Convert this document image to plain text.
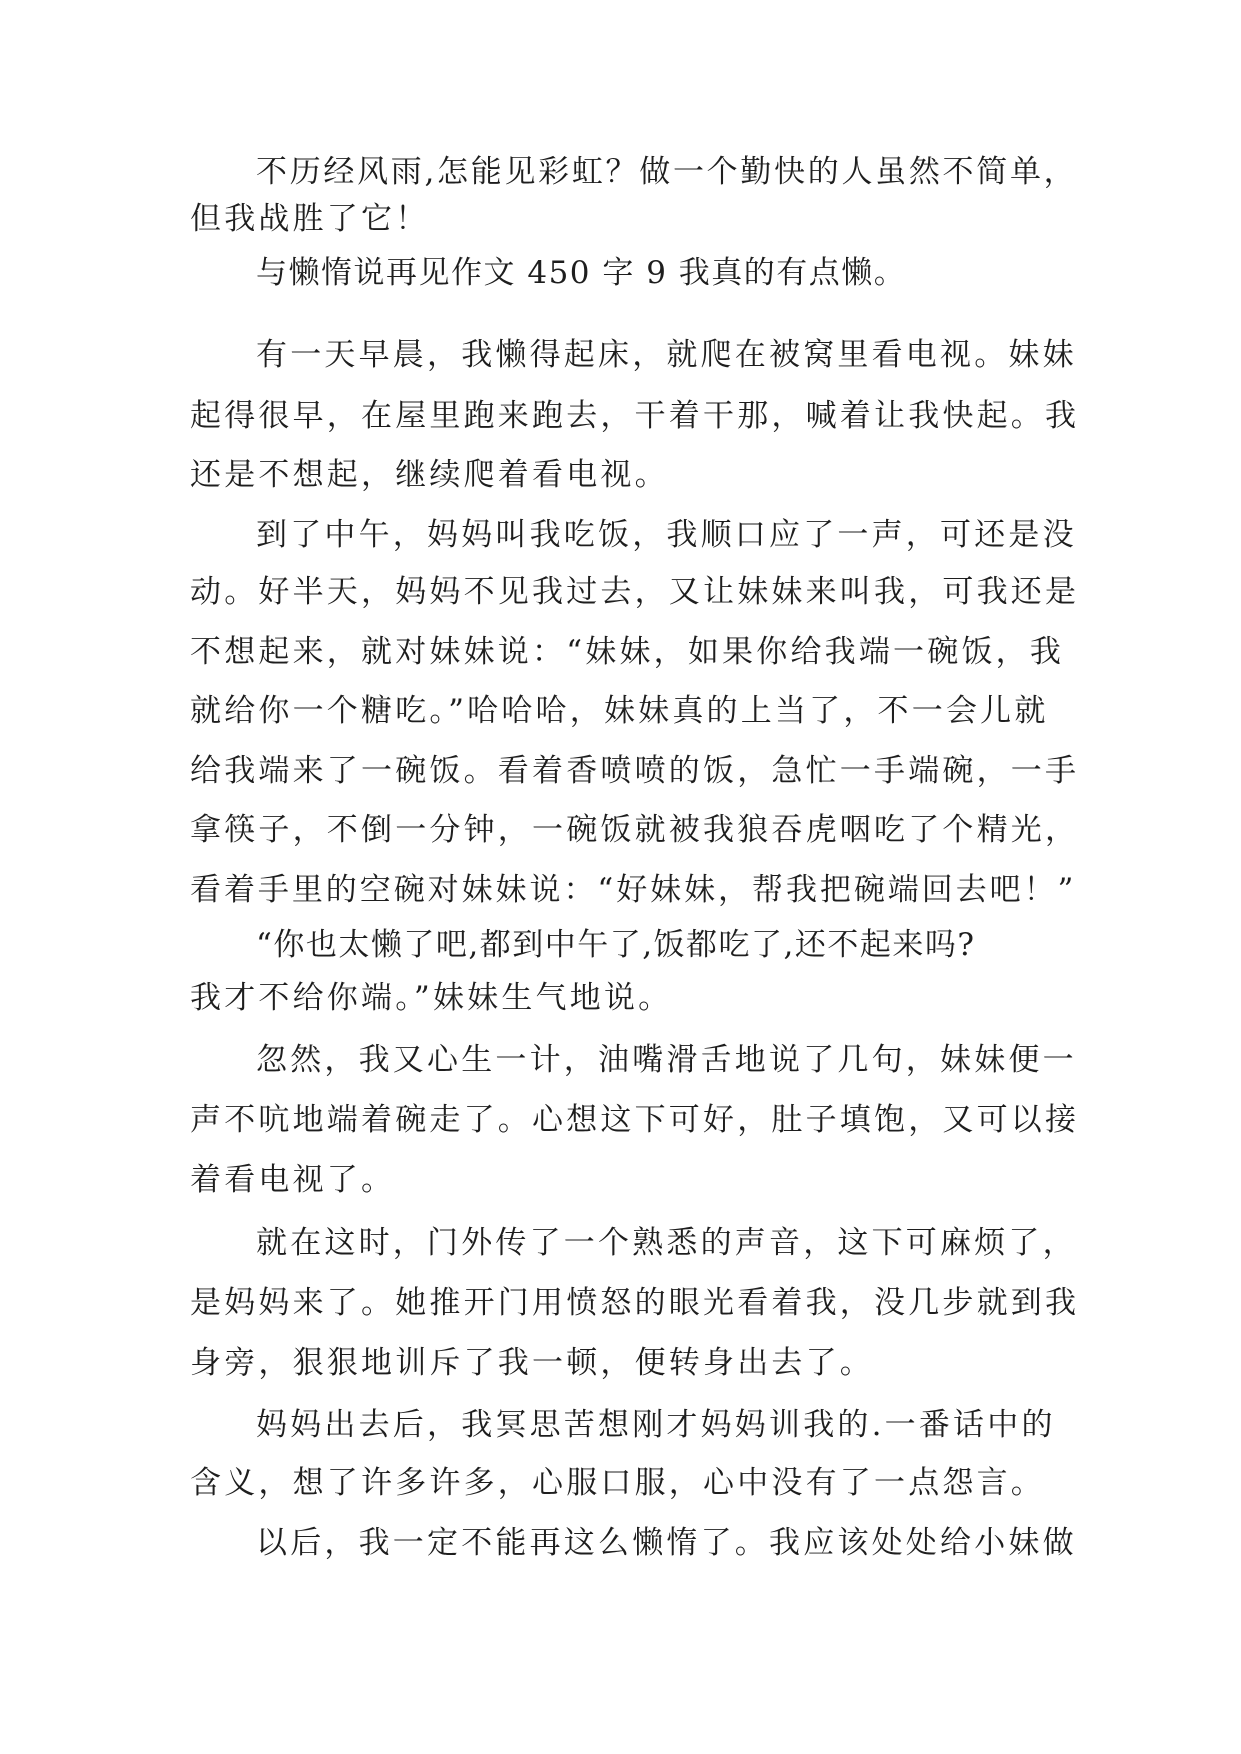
不历经风雨,怎能见彩虹？做一个勤快的人虽然不简单，
但我战胜了它！
与懒惰说再见作文 450 字 9 我真的有点懒。
有一天早晨，我懒得起床，就爬在被窝里看电视。妹妹
起得很早，在屋里跑来跑去，干着干那，喊着让我快起。我
还是不想起，继续爬着看电视。
到了中午，妈妈叫我吃饭，我顺口应了一声，可还是没
动。好半天，妈妈不见我过去，又让妹妹来叫我，可我还是
不想起来，就对妹妹说：“妹妹，如果你给我端一碗饭，我
就给你一个糖吃。”哈哈哈，妹妹真的上当了，不一会儿就
给我端来了一碗饭。看着香喷喷的饭，急忙一手端碗，一手
拿筷子，不倒一分钟，一碗饭就被我狼吞虎咽吃了个精光，
看着手里的空碗对妹妹说：“好妹妹，帮我把碗端回去吧！”
“你也太懒了吧,都到中午了,饭都吃了,还不起来吗?
我才不给你端。”妹妹生气地说。
忽然，我又心生一计，油嘴滑舌地说了几句，妹妹便一
声不吭地端着碗走了。心想这下可好，肚子填饱，又可以接
着看电视了。
就在这时，门外传了一个熟悉的声音，这下可麻烦了，
是妈妈来了。她推开门用愤怒的眼光看着我，没几步就到我
身旁，狠狠地训斥了我一顿，便转身出去了。
妈妈出去后，我冥思苦想刚才妈妈训我的.一番话中的
含义，想了许多许多，心服口服，心中没有了一点怨言。
以后，我一定不能再这么懒惰了。我应该处处给小妹做
